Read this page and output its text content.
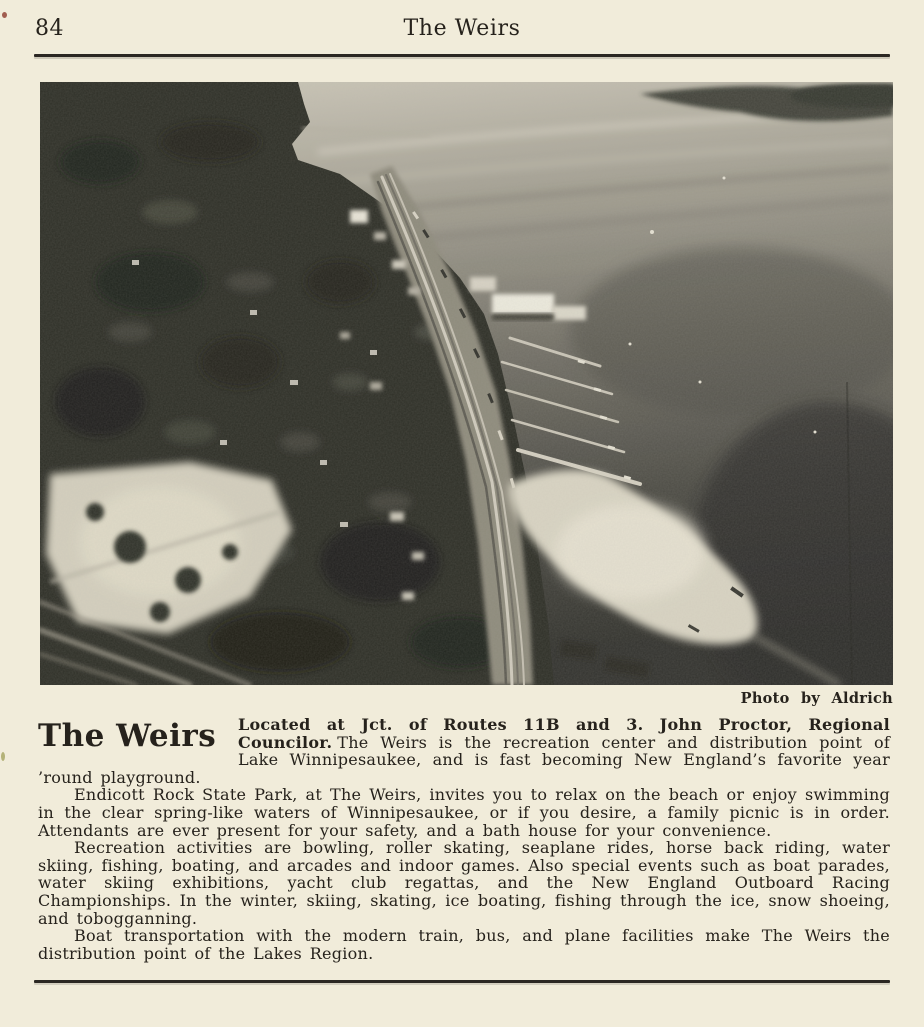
84	The Weirs
Photo by Aldrich
The Weirs	Located at Jct. of Routes 11B and 3. John Proctor, Regional Councilor. The Weirs is the recreation center and distribution point of Lake Winnipesaukee, and is fast becoming New England’s favorite year ’round playground.

Endicott Rock State Park, at The Weirs, invites you to relax on the beach or enjoy swimming in the clear spring-like waters of Winnipesaukee, or if you desire, a family picnic is in order. Attendants are ever present for your safety, and a bath house for your convenience.

Recreation activities are bowling, roller skating, seaplane rides, horse back riding, water skiing, fishing, boating, and arcades and indoor games. Also special events such as boat parades, water skiing exhibitions, yacht club regattas, and the New England Outboard Racing Championships. In the winter, skiing, skating, ice boating, fishing through the ice, snow shoeing, and tobogganning.

Boat transportation with the modern train, bus, and plane facilities make The Weirs the distribution point of the Lakes Region.
